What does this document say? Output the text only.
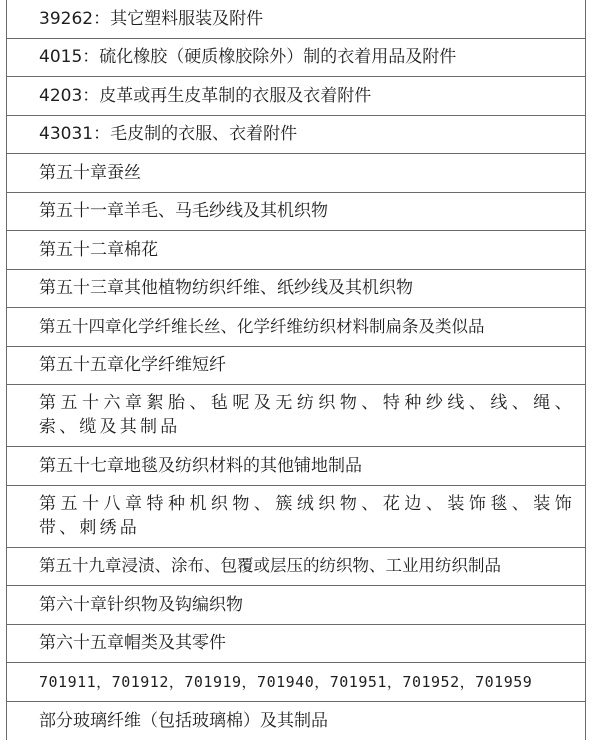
39262：其它塑料服装及附件
4015：硫化橡胶（硬质橡胶除外）制的衣着用品及附件
4203：皮革或再生皮革制的衣服及衣着附件
43031：毛皮制的衣服、衣着附件
第五十章蚕丝
第五十一章羊毛、马毛纱线及其机织物
第五十二章棉花
第五十三章其他植物纺织纤维、纸纱线及其机织物
第五十四章化学纤维长丝、化学纤维纺织材料制扁条及类似品
第五十五章化学纤维短纤
第五十六章絮胎、毡呢及无纺织物、特种纱线、线、绳、索、缆及其制品
第五十七章地毯及纺织材料的其他铺地制品
第五十八章特种机织物、簇绒织物、花边、装饰毯、装饰带、刺绣品
第五十九章浸渍、涂布、包覆或层压的纺织物、工业用纺织制品
第六十章针织物及钩编织物
第六十五章帽类及其零件
701911，701912，701919，701940，701951，701952，701959
部分玻璃纤维（包括玻璃棉）及其制品
